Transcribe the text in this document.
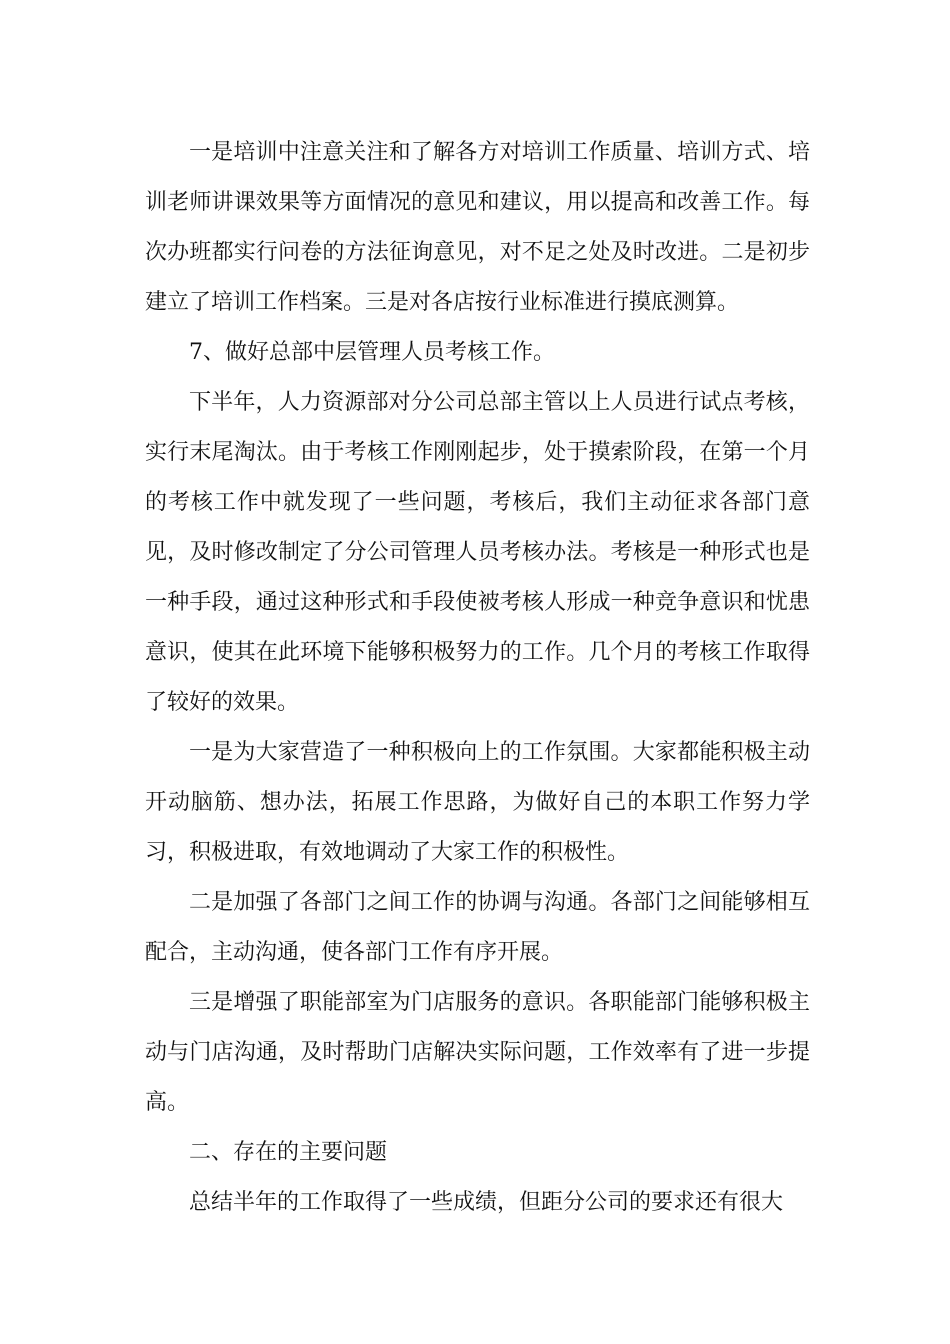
一是培训中注意关注和了解各方对培训工作质量、培训方式、培训老师讲课效果等方面情况的意见和建议，用以提高和改善工作。每次办班都实行问卷的方法征询意见，对不足之处及时改进。二是初步建立了培训工作档案。三是对各店按行业标准进行摸底测算。

7、做好总部中层管理人员考核工作。

下半年，人力资源部对分公司总部主管以上人员进行试点考核，实行末尾淘汰。由于考核工作刚刚起步，处于摸索阶段，在第一个月的考核工作中就发现了一些问题，考核后，我们主动征求各部门意见，及时修改制定了分公司管理人员考核办法。考核是一种形式也是一种手段，通过这种形式和手段使被考核人形成一种竞争意识和忧患意识，使其在此环境下能够积极努力的工作。几个月的考核工作取得了较好的效果。

一是为大家营造了一种积极向上的工作氛围。大家都能积极主动开动脑筋、想办法，拓展工作思路，为做好自己的本职工作努力学习，积极进取，有效地调动了大家工作的积极性。

二是加强了各部门之间工作的协调与沟通。各部门之间能够相互配合，主动沟通，使各部门工作有序开展。

三是增强了职能部室为门店服务的意识。各职能部门能够积极主动与门店沟通，及时帮助门店解决实际问题，工作效率有了进一步提高。

二、存在的主要问题

总结半年的工作取得了一些成绩，但距分公司的要求还有很大
